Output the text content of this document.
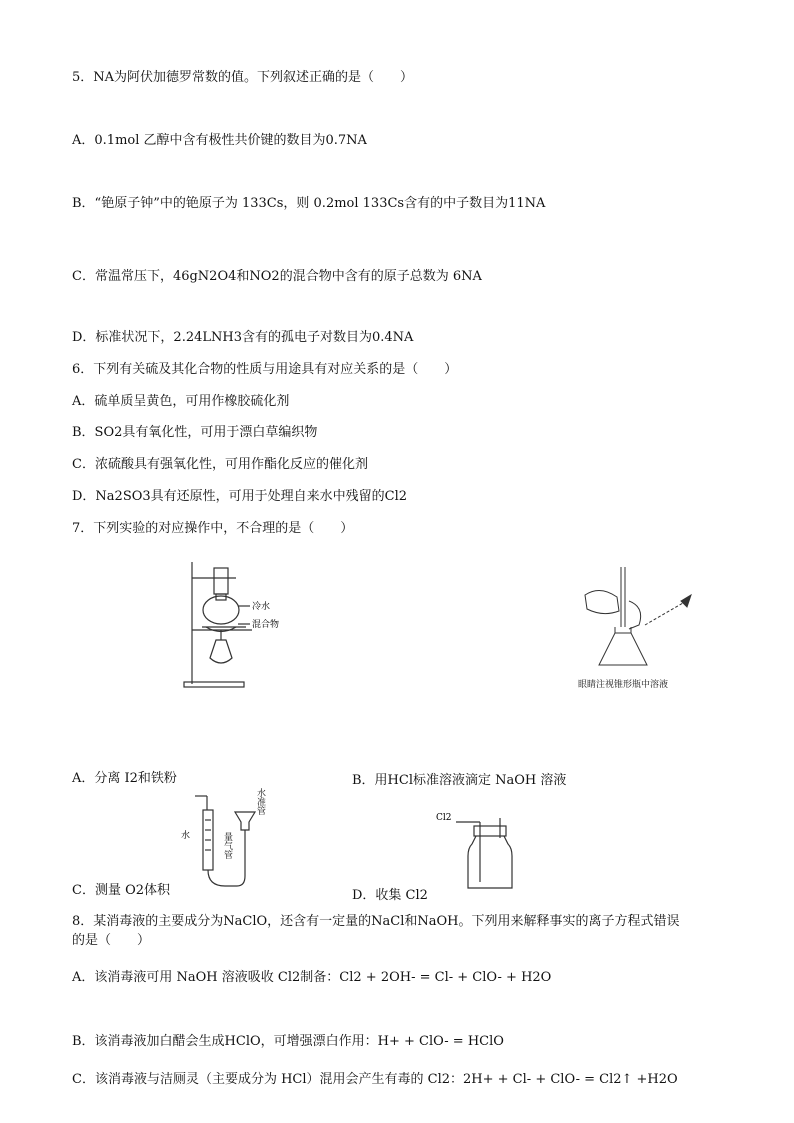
5．NA为阿伏加德罗常数的值。下列叙述正确的是（　　）
A．0.1mol 乙醇中含有极性共价键的数目为0.7NA
B．“铯原子钟”中的铯原子为 133Cs，则 0.2mol 133Cs含有的中子数目为11NA
C．常温常压下，46gN2O4和NO2的混合物中含有的原子总数为 6NA
D．标准状况下，2.24LNH3含有的孤电子对数目为0.4NA
6．下列有关硫及其化合物的性质与用途具有对应关系的是（　　）
A．硫单质呈黄色，可用作橡胶硫化剂
B．SO2具有氧化性，可用于漂白草编织物
C．浓硫酸具有强氧化性，可用作酯化反应的催化剂
D．Na2SO3具有还原性，可用于处理自来水中残留的Cl2
7．下列实验的对应操作中，不合理的是（　　）
冷水
混合物
眼睛注视锥形瓶中溶液
A．分离 I2和铁粉	B．用HCl标准溶液滴定 NaOH 溶液
水	量气管
水准管
C．测量 O2体积
Cl2
D．收集 Cl2
8．某消毒液的主要成分为NaClO，还含有一定量的NaCl和NaOH。下列用来解释事实的离子方程式错误
的是（　　）
A．该消毒液可用 NaOH 溶液吸收 Cl2制备：Cl2 + 2OH- = Cl- + ClO- + H2O
B．该消毒液加白醋会生成HClO，可增强漂白作用：H+ + ClO- = HClO
C．该消毒液与洁厕灵（主要成分为 HCl）混用会产生有毒的 Cl2：2H+ + Cl- + ClO- = Cl2↑ +H2O
